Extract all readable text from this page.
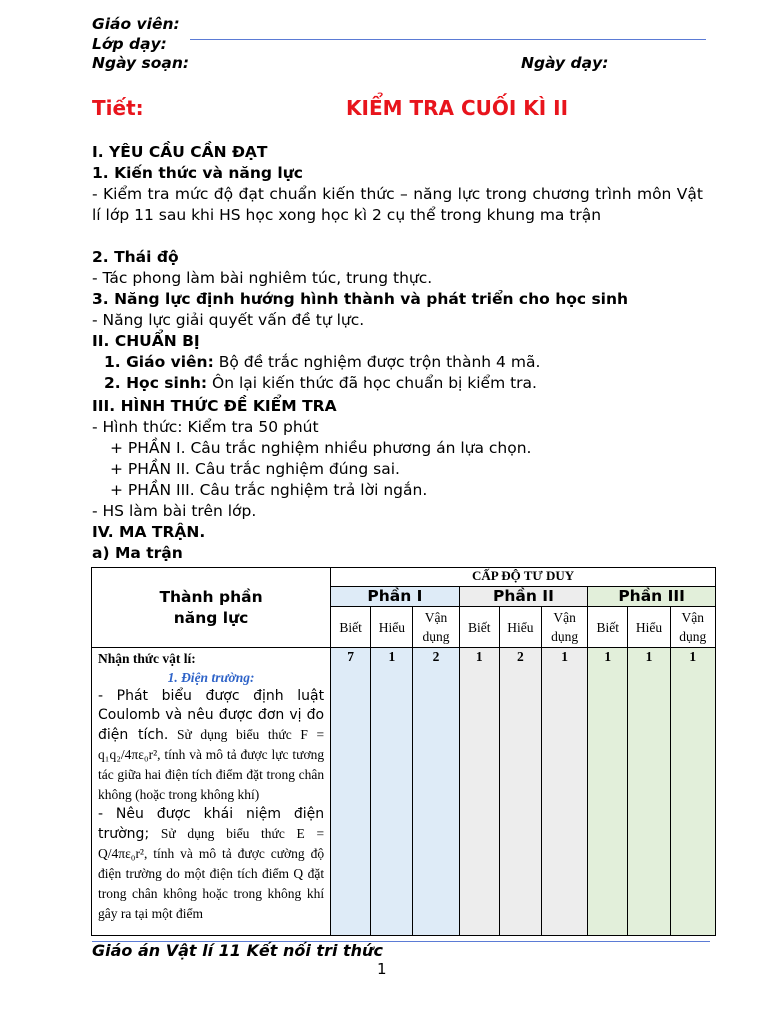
Giáo viên:
Lớp dạy:
Ngày soạn:	Ngày dạy:
Tiết:	KIỂM TRA CUỐI KÌ II
I. YÊU CẦU CẦN ĐẠT
1. Kiến thức và năng lực
- Kiểm tra mức độ đạt chuẩn kiến thức – năng lực trong chương trình môn Vật lí lớp 11 sau khi HS học xong học kì 2 cụ thể trong khung ma trận
2. Thái độ
- Tác phong làm bài nghiêm túc, trung thực.
3. Năng lực định hướng hình thành và phát triển cho học sinh
- Năng lực giải quyết vấn đề tự lực.
II. CHUẨN BỊ
1. Giáo viên: Bộ đề trắc nghiệm được trộn thành 4 mã.
2. Học sinh: Ôn lại kiến thức đã học chuẩn bị kiểm tra.
III. HÌNH THỨC ĐỀ KIỂM TRA
- Hình thức: Kiểm tra 50 phút
+ PHẦN I. Câu trắc nghiệm nhiều phương án lựa chọn.
+ PHẦN II. Câu trắc nghiệm đúng sai.
+ PHẦN III. Câu trắc nghiệm trả lời ngắn.
- HS làm bài trên lớp.
IV. MA TRẬN.
a) Ma trận
Thành phần
năng lực	CẤP ĐỘ TƯ DUY								
	Phần I			Phần II			Phần III		
	Biết	Hiểu	Vận dụng	Biết	Hiểu	Vận dụng	Biết	Hiểu	Vận dụng

Nhận thức vật lí:
1. Điện trường:
- Phát biểu được định luật Coulomb và nêu được đơn vị đo điện tích. Sử dụng biểu thức F = q₁q₂/4πε₀r², tính và mô tả được lực tương tác giữa hai điện tích điểm đặt trong chân không (hoặc trong không khí)
- Nêu được khái niệm điện trường; Sử dụng biểu thức E = Q/4πε₀r², tính và mô tả được cường độ điện trường do một điện tích điểm Q đặt trong chân không hoặc trong không khí gây ra tại một điểm	7	1	2	1	2	1	1	1	1
Giáo án Vật lí 11 Kết nối tri thức
1
